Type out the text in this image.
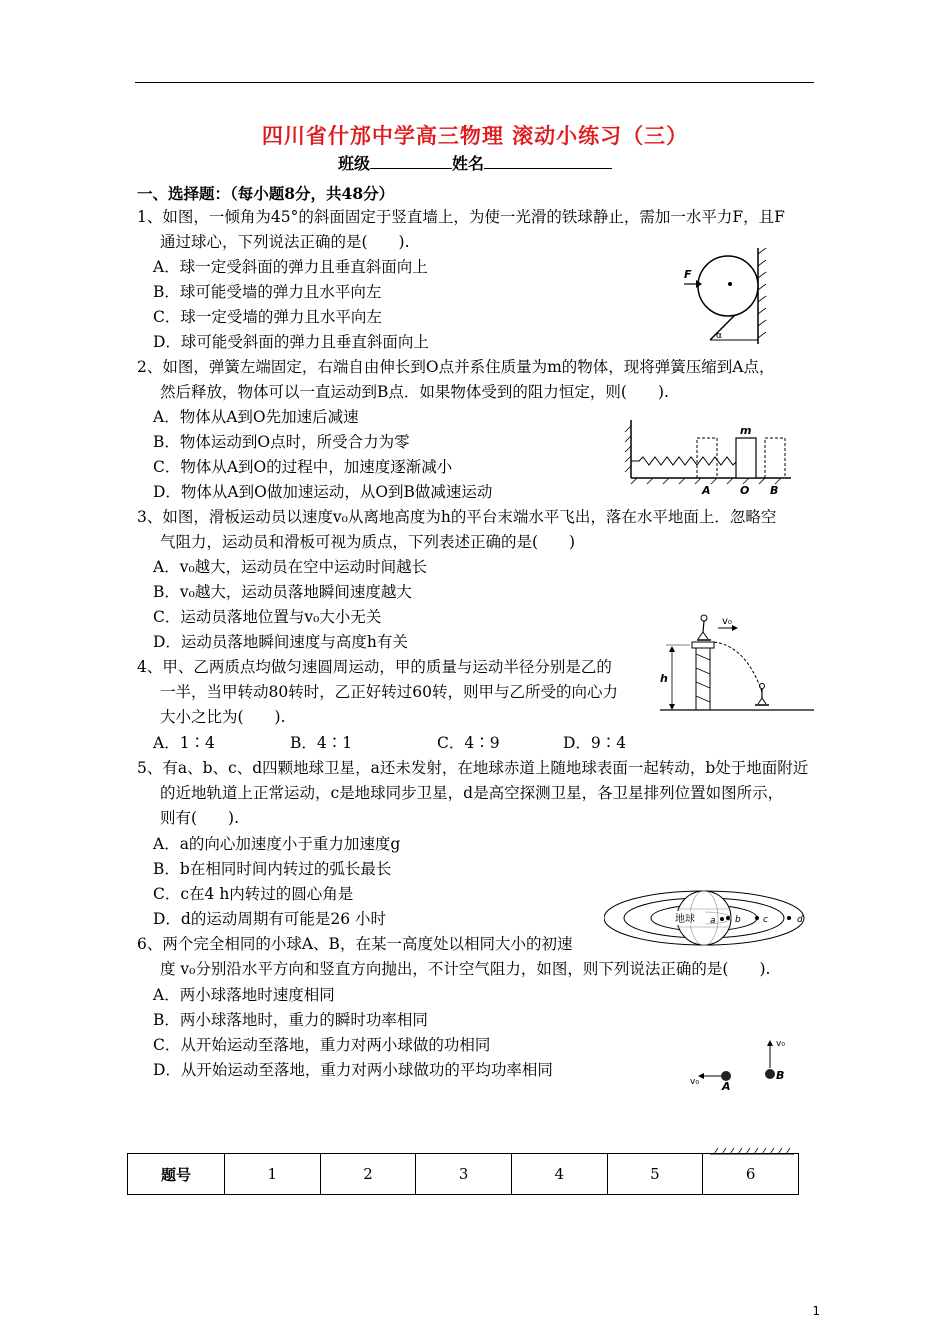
四川省什邡中学高三物理 滚动小练习（三）
班级	姓名
一、选择题：（每小题8分，共48分）
1、如图，一倾角为45°的斜面固定于竖直墙上，为使一光滑的铁球静止，需加一水平力F，且F
通过球心，下列说法正确的是(　　).
A．球一定受斜面的弹力且垂直斜面向上
B．球可能受墙的弹力且水平向左
C．球一定受墙的弹力且水平向左
D．球可能受斜面的弹力且垂直斜面向上
2、如图，弹簧左端固定，右端自由伸长到O点并系住质量为m的物体，现将弹簧压缩到A点，
然后释放，物体可以一直运动到B点．如果物体受到的阻力恒定，则(　　).
A．物体从A到O先加速后减速
B．物体运动到O点时，所受合力为零
C．物体从A到O的过程中，加速度逐渐减小
D．物体从A到O做加速运动，从O到B做减速运动
3、如图，滑板运动员以速度v₀从离地高度为h的平台末端水平飞出，落在水平地面上．忽略空
气阻力，运动员和滑板可视为质点，下列表述正确的是(　　)
A．v₀越大，运动员在空中运动时间越长
B．v₀越大，运动员落地瞬间速度越大
C．运动员落地位置与v₀大小无关
D．运动员落地瞬间速度与高度h有关
4、甲、乙两质点均做匀速圆周运动，甲的质量与运动半径分别是乙的
一半，当甲转动80转时，乙正好转过60转，则甲与乙所受的向心力
大小之比为(　　).
A．1∶4	B．4∶1	C．4∶9	D．9∶4
5、有a、b、c、d四颗地球卫星，a还未发射，在地球赤道上随地球表面一起转动，b处于地面附近
的近地轨道上正常运动，c是地球同步卫星，d是高空探测卫星，各卫星排列位置如图所示，
则有(　　).
A．a的向心加速度小于重力加速度g
B．b在相同时间内转过的弧长最长
C．c在4 h内转过的圆心角是
D．d的运动周期有可能是26 小时
6、两个完全相同的小球A、B，在某一高度处以相同大小的初速
度 v₀分别沿水平方向和竖直方向抛出，不计空气阻力，如图，则下列说法正确的是(　　).
A．两小球落地时速度相同
B．两小球落地时，重力的瞬时功率相同
C．从开始运动至落地，重力对两小球做的功相同
D．从开始运动至落地，重力对两小球做功的平均功率相同
F
α
m
A	O B
v₀
h
地球 a b c	d
v₀ A
v₀
B
题号	1	2	3	4	5	6
1
